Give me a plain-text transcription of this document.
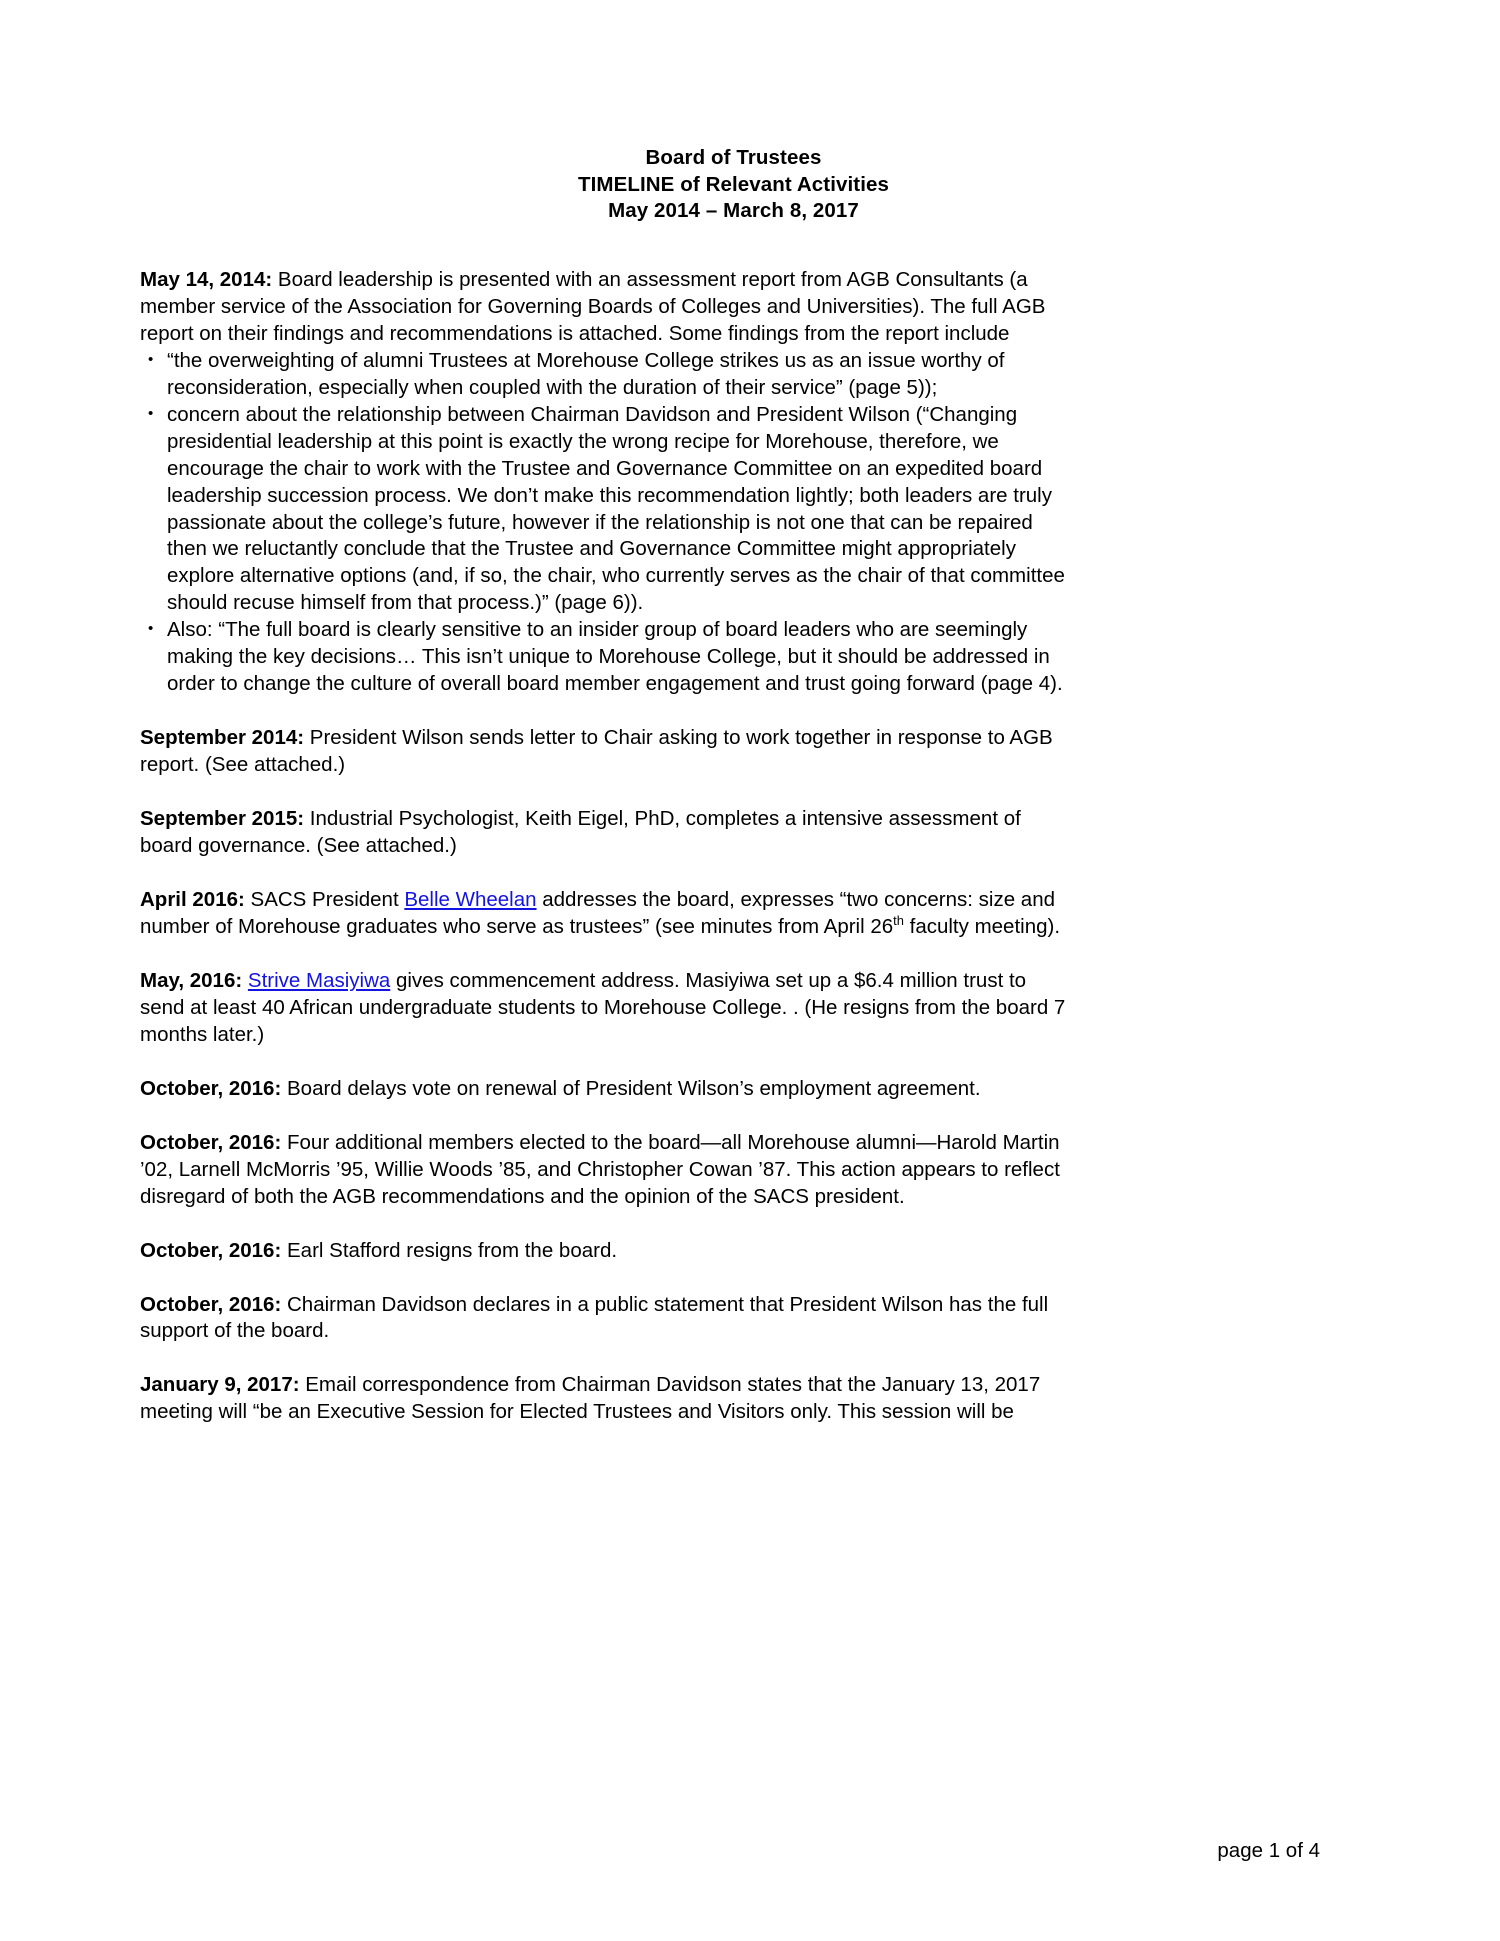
Board of Trustees
TIMELINE of Relevant Activities
May 2014 – March 8, 2017

May 14, 2014: Board leadership is presented with an assessment report from AGB Consultants (a member service of the Association for Governing Boards of Colleges and Universities). The full AGB report on their findings and recommendations is attached. Some findings from the report include

• “the overweighting of alumni Trustees at Morehouse College strikes us as an issue worthy of reconsideration, especially when coupled with the duration of their service” (page 5));
• concern about the relationship between Chairman Davidson and President Wilson (“Changing presidential leadership at this point is exactly the wrong recipe for Morehouse, therefore, we encourage the chair to work with the Trustee and Governance Committee on an expedited board leadership succession process. We don’t make this recommendation lightly; both leaders are truly passionate about the college’s future, however if the relationship is not one that can be repaired then we reluctantly conclude that the Trustee and Governance Committee might appropriately explore alternative options (and, if so, the chair, who currently serves as the chair of that committee should recuse himself from that process.)” (page 6)).
• Also: “The full board is clearly sensitive to an insider group of board leaders who are seemingly making the key decisions… This isn’t unique to Morehouse College, but it should be addressed in order to change the culture of overall board member engagement and trust going forward (page 4).

September 2014: President Wilson sends letter to Chair asking to work together in response to AGB report. (See attached.)

September 2015: Industrial Psychologist, Keith Eigel, PhD, completes a intensive assessment of board governance. (See attached.)

April 2016: SACS President Belle Wheelan addresses the board, expresses “two concerns: size and number of Morehouse graduates who serve as trustees” (see minutes from April 26th faculty meeting).

May, 2016: Strive Masiyiwa gives commencement address. Masiyiwa set up a $6.4 million trust to send at least 40 African undergraduate students to Morehouse College. . (He resigns from the board 7 months later.)

October, 2016: Board delays vote on renewal of President Wilson’s employment agreement.

October, 2016: Four additional members elected to the board—all Morehouse alumni—Harold Martin ’02, Larnell McMorris ’95, Willie Woods ’85, and Christopher Cowan ’87. This action appears to reflect disregard of both the AGB recommendations and the opinion of the SACS president.

October, 2016: Earl Stafford resigns from the board.

October, 2016: Chairman Davidson declares in a public statement that President Wilson has the full support of the board.

January 9, 2017: Email correspondence from Chairman Davidson states that the January 13, 2017 meeting will “be an Executive Session for Elected Trustees and Visitors only. This session will be

page 1 of 4
